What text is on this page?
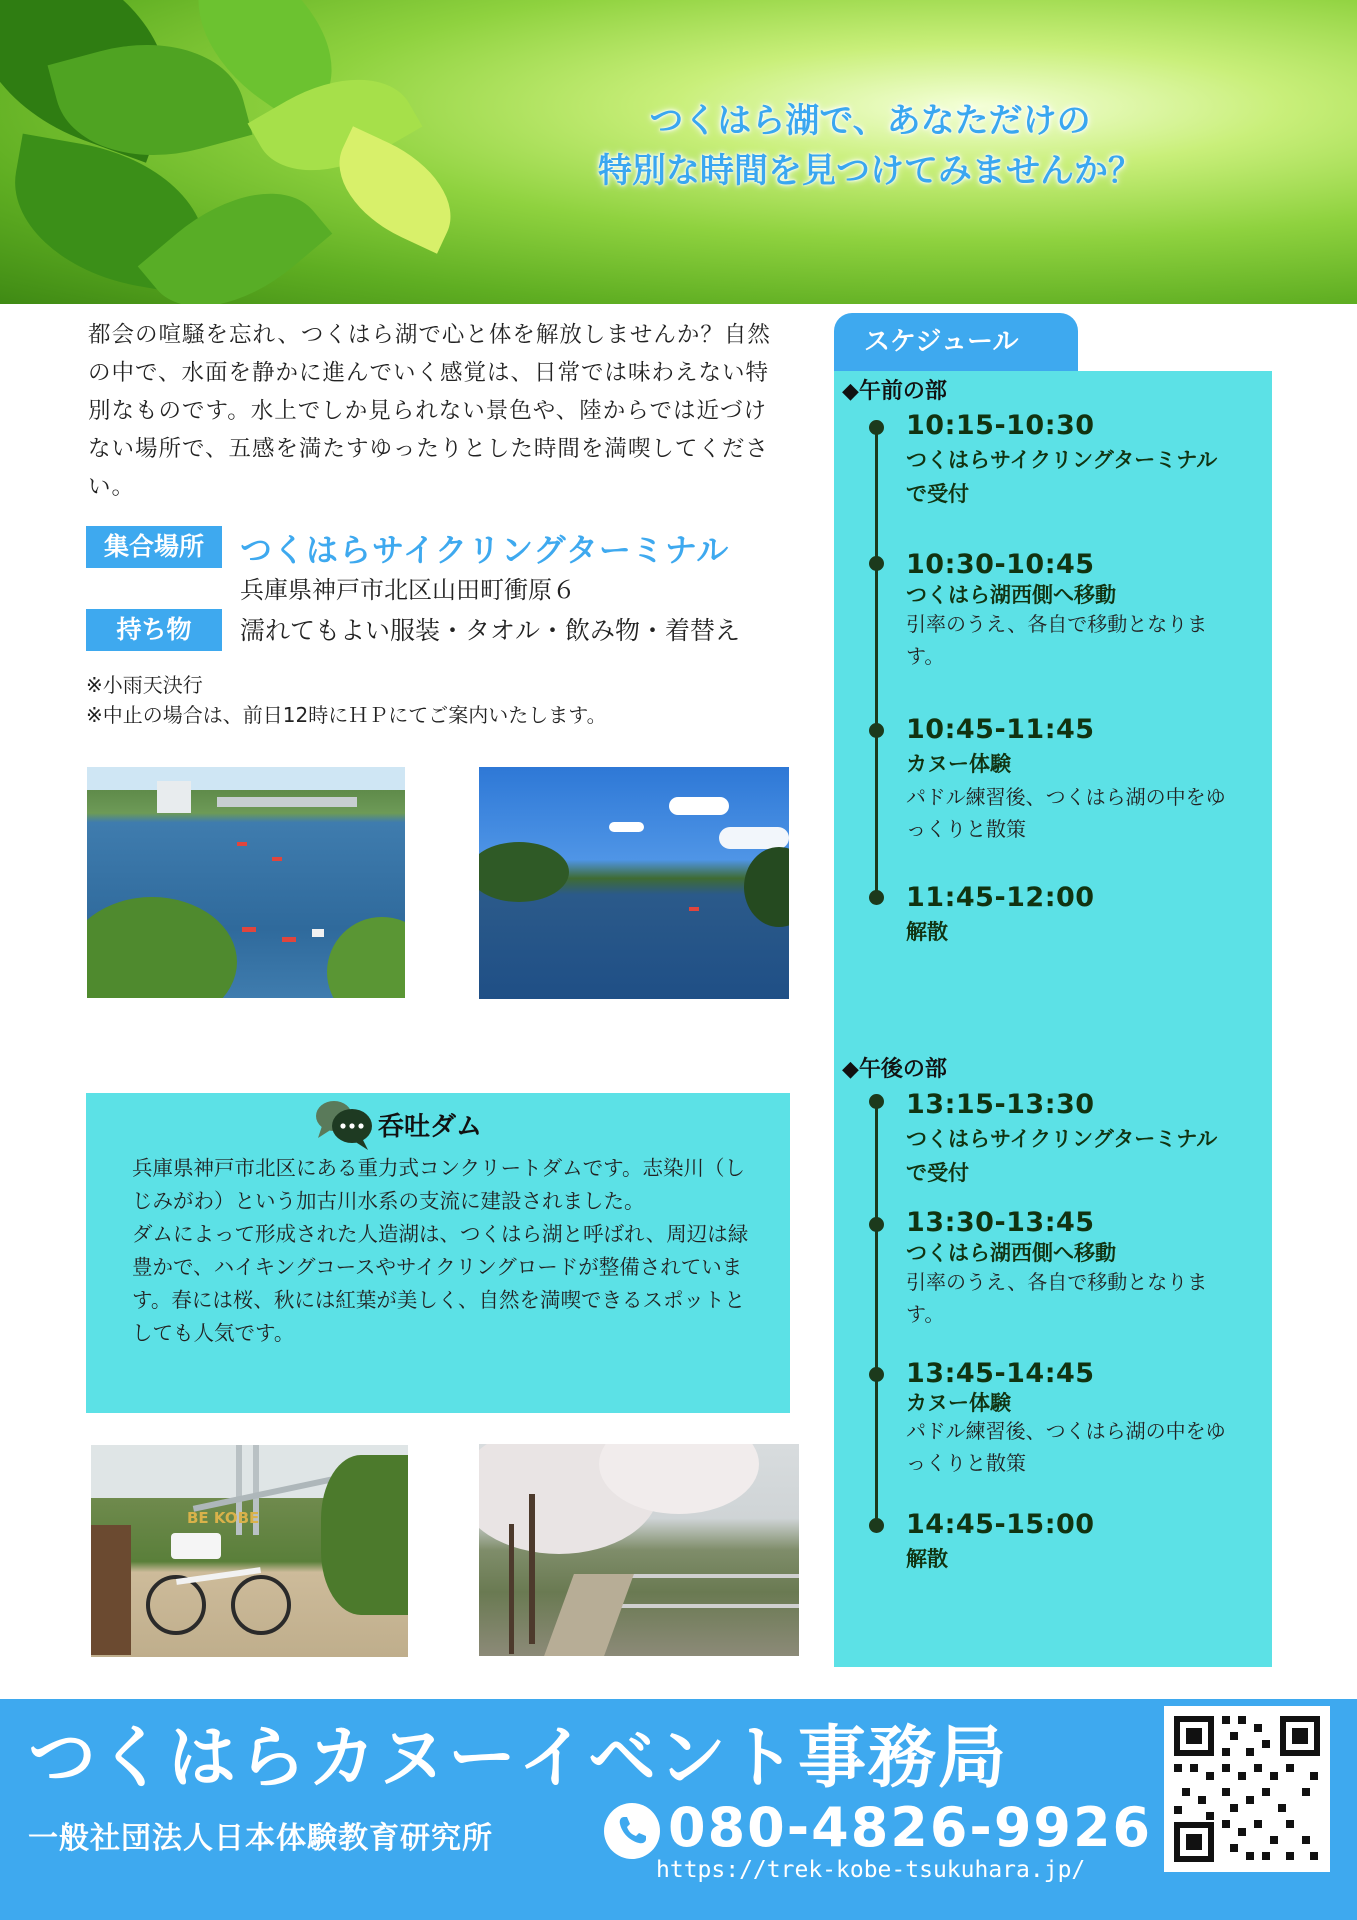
つくはら湖で、あなただけの
特別な時間を見つけてみませんか？
都会の喧騒を忘れ、つくはら湖で心と体を解放しませんか？自然の中で、水面を静かに進んでいく感覚は、日常では味わえない特別なものです。水上でしか見られない景色や、陸からでは近づけない場所で、五感を満たすゆったりとした時間を満喫してください。
集合場所	つくはらサイクリングターミナル
兵庫県神戸市北区山田町衝原６
持ち物	濡れてもよい服装・タオル・飲み物・着替え
※小雨天決行
※中止の場合は、前日12時にＨＰにてご案内いたします。
呑吐ダム
兵庫県神戸市北区にある重力式コンクリートダムです。志染川（しじみがわ）という加古川水系の支流に建設されました。
ダムによって形成された人造湖は、つくはら湖と呼ばれ、周辺は緑豊かで、ハイキングコースやサイクリングロードが整備されています。春には桜、秋には紅葉が美しく、自然を満喫できるスポットとしても人気です。
BE KOBE
スケジュール
◆午前の部
10:15-10:30
つくはらサイクリングターミナルで受付
10:30-10:45
つくはら湖西側へ移動
引率のうえ、各自で移動となります。
10:45-11:45
カヌー体験
パドル練習後、つくはら湖の中をゆっくりと散策
11:45-12:00
解散
◆午後の部
13:15-13:30
つくはらサイクリングターミナルで受付
13:30-13:45
つくはら湖西側へ移動
引率のうえ、各自で移動となります。
13:45-14:45
カヌー体験
パドル練習後、つくはら湖の中をゆっくりと散策
14:45-15:00
解散
つくはらカヌーイベント事務局
一般社団法人日本体験教育研究所	080-4826-9926
https://trek-kobe-tsukuhara.jp/
